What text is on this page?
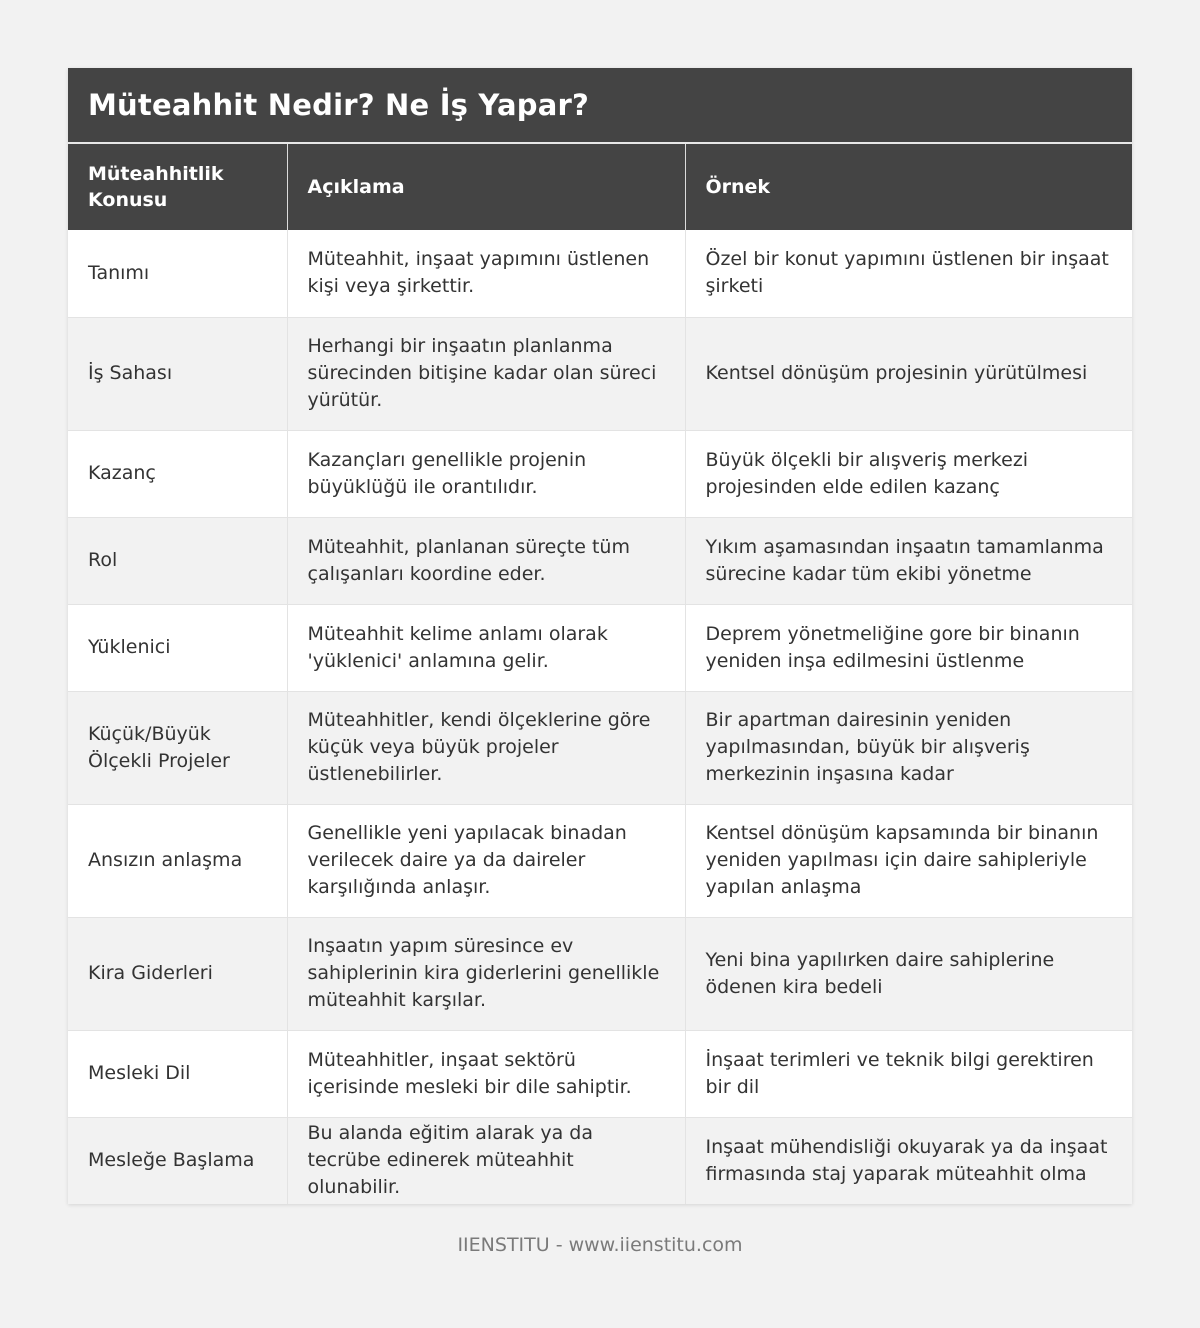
Müteahhit Nedir? Ne İş Yapar?
Müteahhitlik Konusu	Açıklama	Örnek
Tanımı	Müteahhit, inşaat yapımını üstlenen kişi veya şirkettir.	Özel bir konut yapımını üstlenen bir inşaat şirketi
İş Sahası	Herhangi bir inşaatın planlanma sürecinden bitişine kadar olan süreci yürütür.	Kentsel dönüşüm projesinin yürütülmesi
Kazanç	Kazançları genellikle projenin büyüklüğü ile orantılıdır.	Büyük ölçekli bir alışveriş merkezi projesinden elde edilen kazanç
Rol	Müteahhit, planlanan süreçte tüm çalışanları koordine eder.	Yıkım aşamasından inşaatın tamamlanma sürecine kadar tüm ekibi yönetme
Yüklenici	Müteahhit kelime anlamı olarak 'yüklenici' anlamına gelir.	Deprem yönetmeliğine gore bir binanın yeniden inşa edilmesini üstlenme
Küçük/Büyük Ölçekli Projeler	Müteahhitler, kendi ölçeklerine göre küçük veya büyük projeler üstlenebilirler.	Bir apartman dairesinin yeniden yapılmasından, büyük bir alışveriş merkezinin inşasına kadar
Ansızın anlaşma	Genellikle yeni yapılacak binadan verilecek daire ya da daireler karşılığında anlaşır.	Kentsel dönüşüm kapsamında bir binanın yeniden yapılması için daire sahipleriyle yapılan anlaşma
Kira Giderleri	Inşaatın yapım süresince ev sahiplerinin kira giderlerini genellikle müteahhit karşılar.	Yeni bina yapılırken daire sahiplerine ödenen kira bedeli
Mesleki Dil	Müteahhitler, inşaat sektörü içerisinde mesleki bir dile sahiptir.	İnşaat terimleri ve teknik bilgi gerektiren bir dil
Mesleğe Başlama	Bu alanda eğitim alarak ya da tecrübe edinerek müteahhit olunabilir.	Inşaat mühendisliği okuyarak ya da inşaat firmasında staj yaparak müteahhit olma
IIENSTITU - www.iienstitu.com
